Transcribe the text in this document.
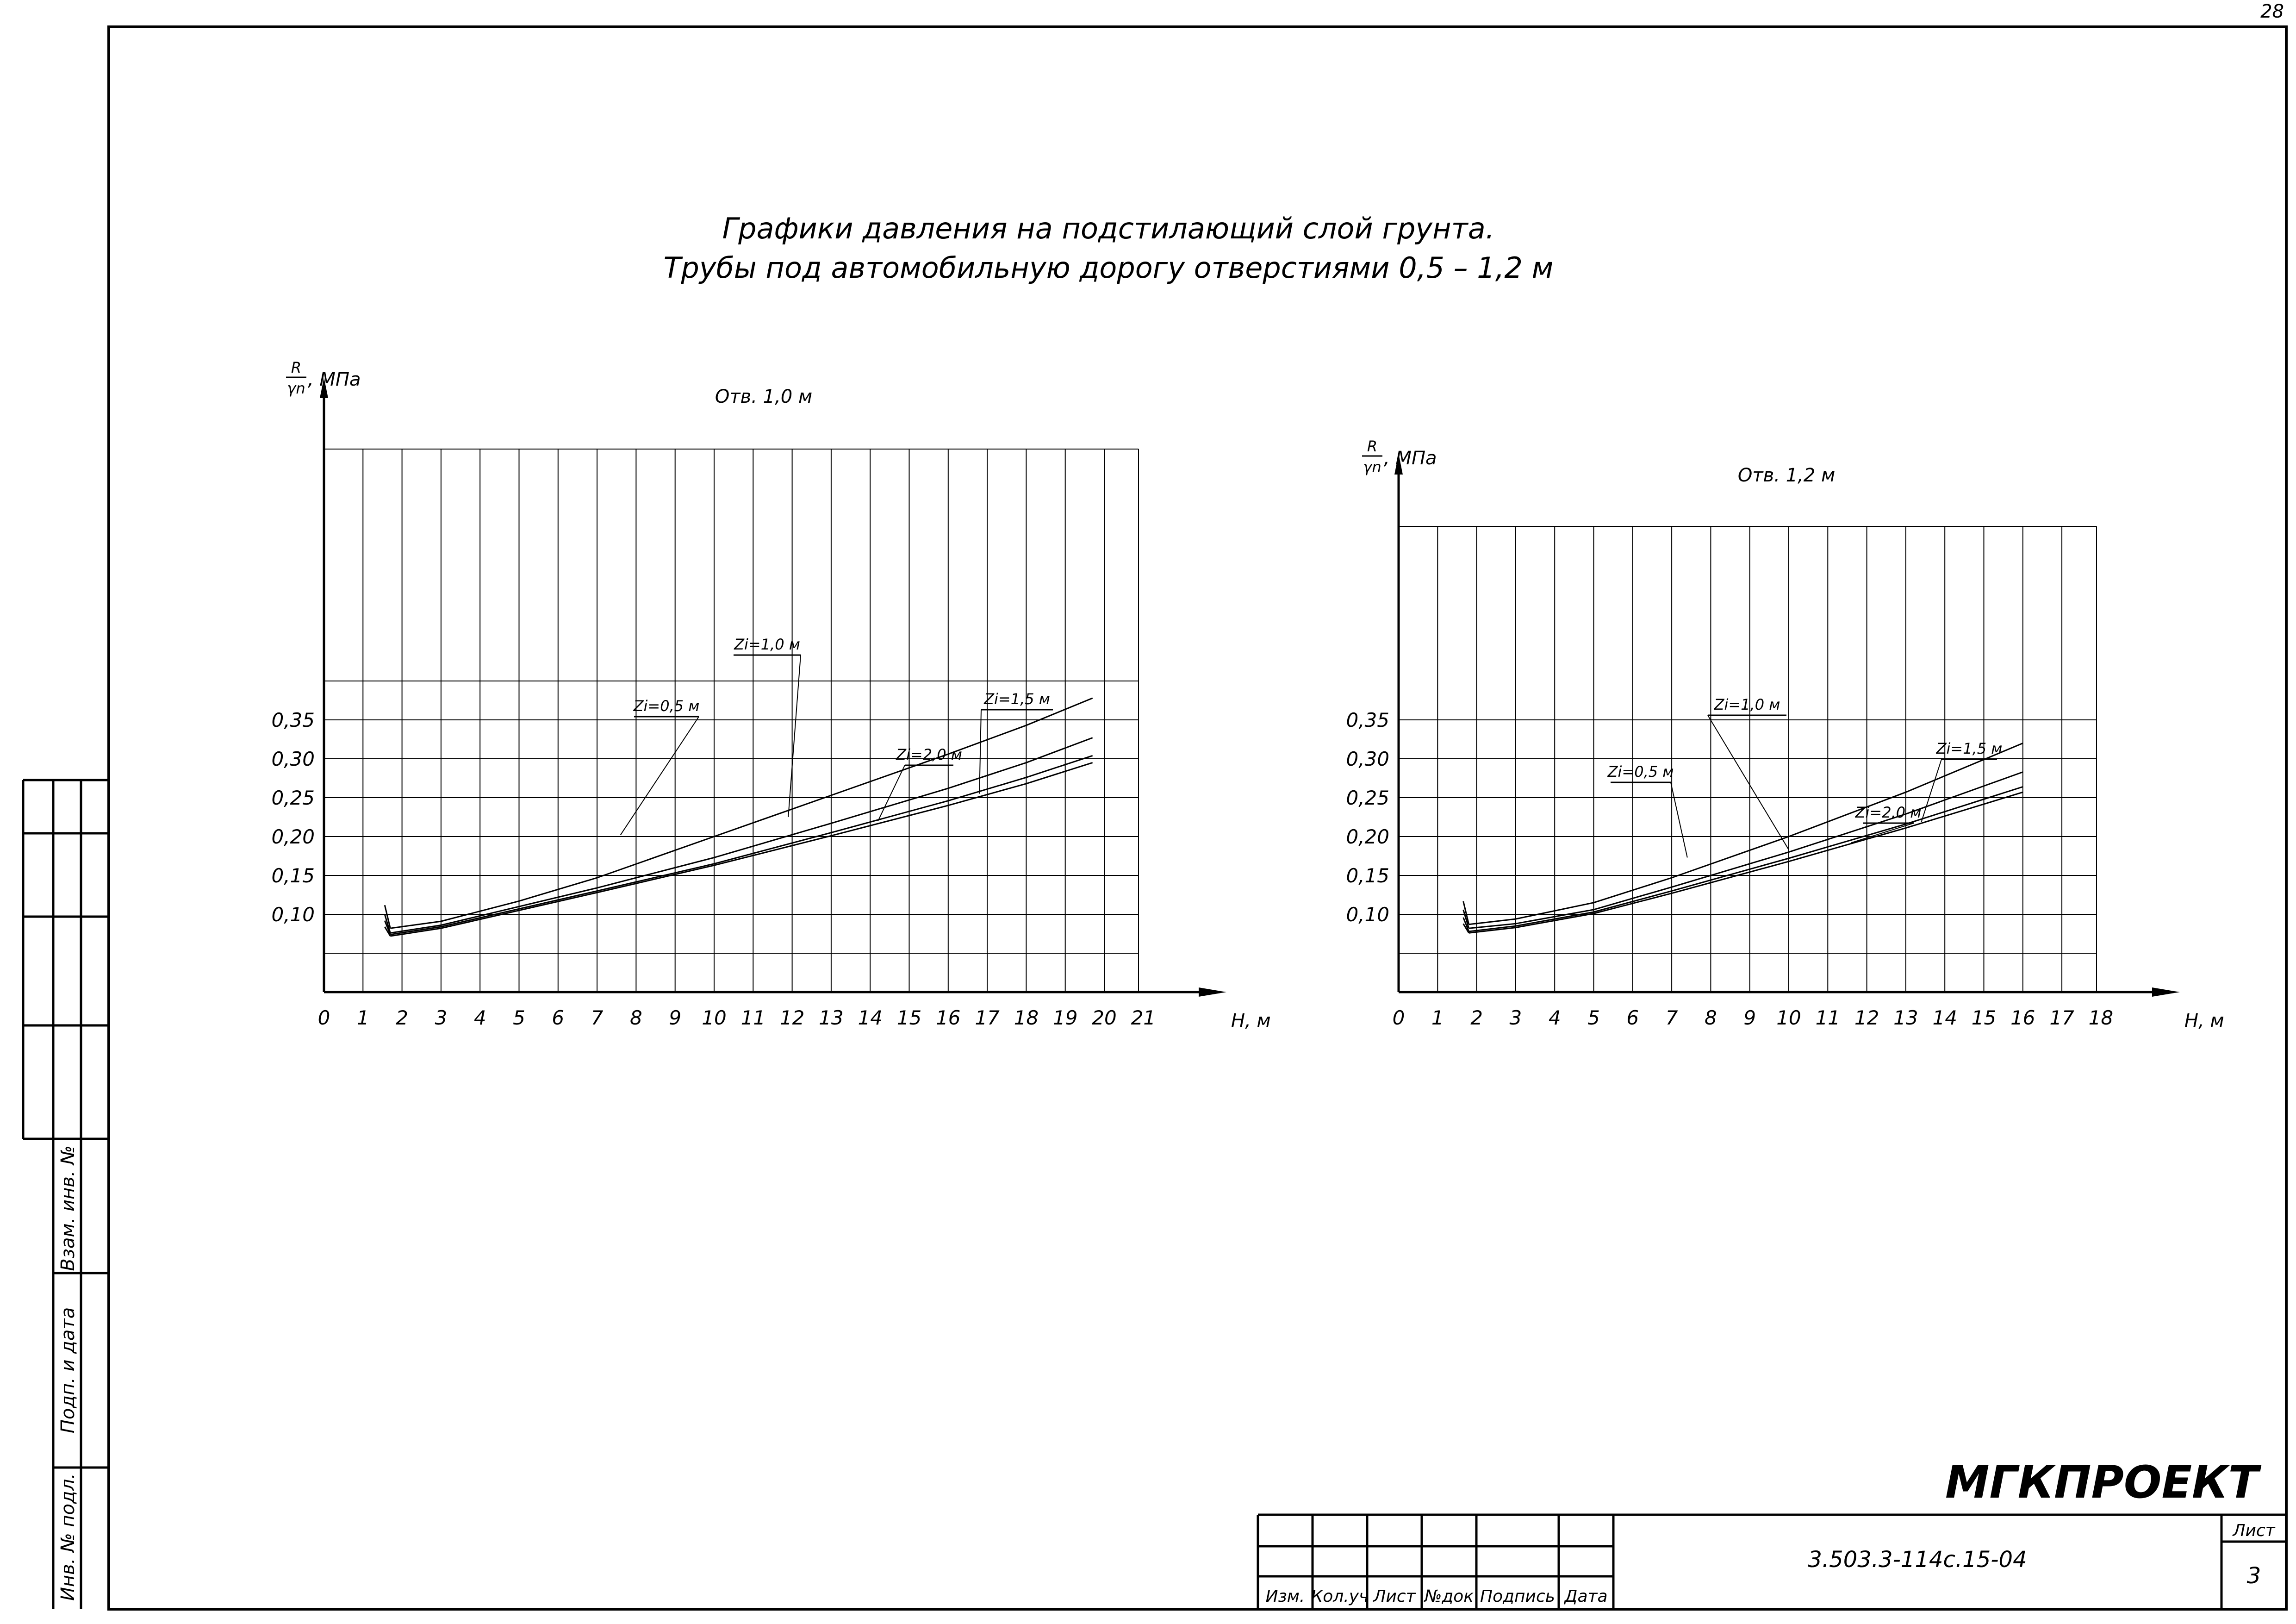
28
Взам. инв. №
Подп. и дата
Инв. № подл.
Графики давления на подстилающий слой грунта.
Трубы под автомобильную дорогу отверстиями 0,5 – 1,2 м
0 1 2 3 4 5 6 7 8 9 10 11 12 13 14 15 16 17 18 19 20 21
0,10
0,15
0,20
0,25
0,30
0,35
H, м
R
γn , МПа
Отв. 1,0 м
Zi=0,5 м
Zi=1,0 м
Zi=1,5 м
Zi=2,0 м
0 1 2 3 4 5 6 7 8 9 10 11 12 13 14 15 16 17 18
0,10
0,15
0,20
0,25
0,30
0,35
H, м
R
γn , МПа
Отв. 1,2 м
Zi=0,5 м
Zi=1,0 м
Zi=1,5 м
Zi=2,0 м
МГКПРОЕКТ
Изм. Кол.уч Лист №док Подпись Дата
3.503.3-114с.15-04
Лист
3
